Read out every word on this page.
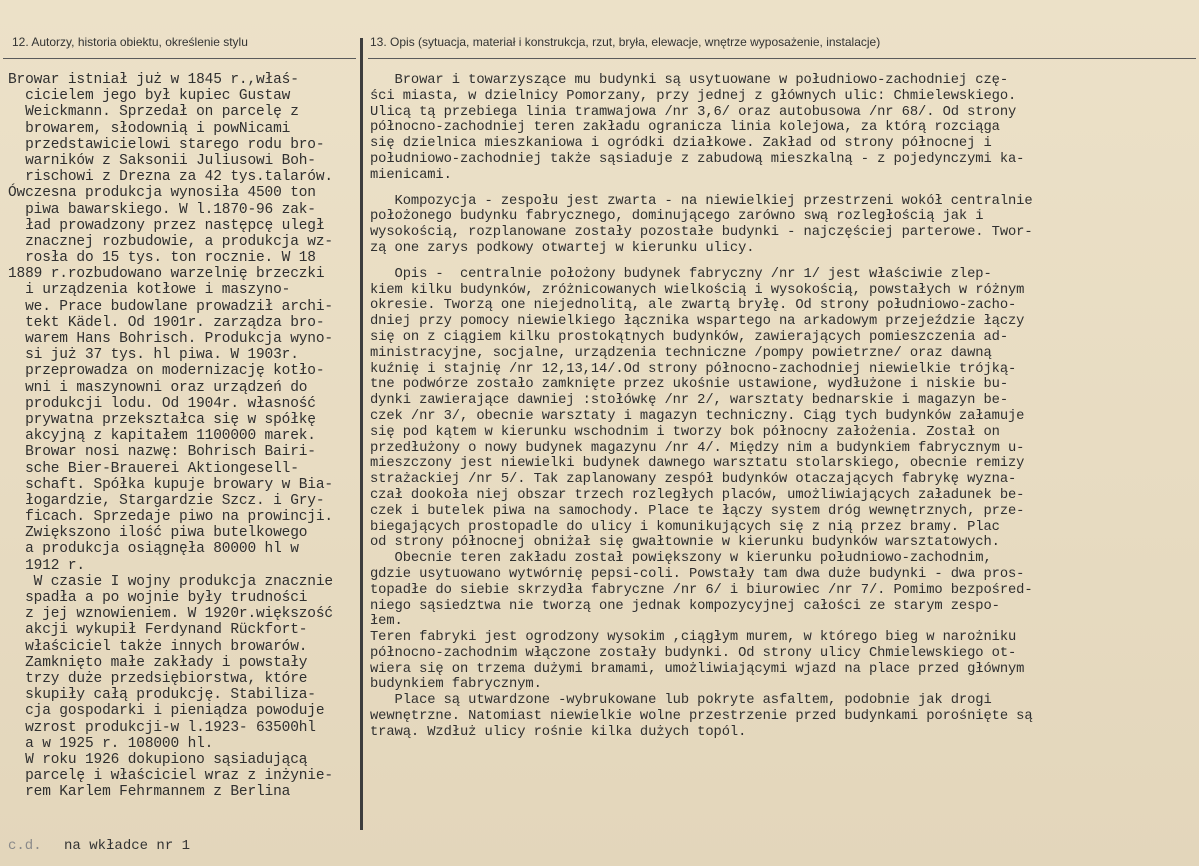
12. Autorzy, historia obiektu, określenie stylu	13. Opis (sytuacja, materiał i konstrukcja, rzut, bryła, elewacje, wnętrze wyposażenie, instalacje)
Browar istniał już w 1845 r.,właś-
cicielem jego był kupiec Gustaw
Weickmann. Sprzedał on parcelę z
browarem, słodownią i powNicami
przedstawicielowi starego rodu bro-
warników z Saksonii Juliusowi Boh-
rischowi z Drezna za 42 tys.talarów.
Ówczesna produkcja wynosiła 4500 ton
piwa bawarskiego. W l.1870-96 zak-
ład prowadzony przez następcę uległ
znacznej rozbudowie, a produkcja wz-
rosła do 15 tys. ton rocznie. W 18
1889 r.rozbudowano warzelnię brzeczki
i urządzenia kotłowe i maszyno-
we. Prace budowlane prowadził archi-
tekt Kädel. Od 1901r. zarządza bro-
warem Hans Bohrisch. Produkcja wyno-
si już 37 tys. hl piwa. W 1903r.
przeprowadza on modernizację kotło-
wni i maszynowni oraz urządzeń do
produkcji lodu. Od 1904r. własność
prywatna przekształca się w spółkę
akcyjną z kapitałem 1100000 marek.
Browar nosi nazwę: Bohrisch Bairi-
sche Bier-Brauerei Aktiongesell-
schaft. Spółka kupuje browary w Bia-
łogardzie, Stargardzie Szcz. i Gry-
ficach. Sprzedaje piwo na prowincji.
Zwiększono ilość piwa butelkowego
a produkcja osiągnęła 80000 hl w
1912 r.
W czasie I wojny produkcja znacznie
spadła a po wojnie były trudności
z jej wznowieniem. W 1920r.większość
akcji wykupił Ferdynand Rückfort-
właściciel także innych browarów.
Zamknięto małe zakłady i powstały
trzy duże przedsiębiorstwa, które
skupiły całą produkcję. Stabiliza-
cja gospodarki i pieniądza powoduje
wzrost produkcji-w l.1923- 63500hl
a w 1925 r. 108000 hl.
W roku 1926 dokupiono sąsiadującą
parcelę i właściciel wraz z inżynie-
rem Karlem Fehrmannem z Berlina
Browar i towarzyszące mu budynki są usytuowane w południowo-zachodniej czę-
ści miasta, w dzielnicy Pomorzany, przy jednej z głównych ulic: Chmielewskiego.
Ulicą tą przebiega linia tramwajowa /nr 3,6/ oraz autobusowa /nr 68/. Od strony
północno-zachodniej teren zakładu ogranicza linia kolejowa, za którą rozciąga
się dzielnica mieszkaniowa i ogródki działkowe. Zakład od strony północnej i
południowo-zachodniej także sąsiaduje z zabudową mieszkalną - z pojedynczymi ka-
mienicami.
Kompozycja - zespołu jest zwarta - na niewielkiej przestrzeni wokół centralnie
położonego budynku fabrycznego, dominującego zarówno swą rozległością jak i
wysokością, rozplanowane zostały pozostałe budynki - najczęściej parterowe. Twor-
zą one zarys podkowy otwartej w kierunku ulicy.
Opis -  centralnie położony budynek fabryczny /nr 1/ jest właściwie zlep-
kiem kilku budynków, zróżnicowanych wielkością i wysokością, powstałych w różnym
okresie. Tworzą one niejednolitą, ale zwartą bryłę. Od strony południowo-zacho-
dniej przy pomocy niewielkiego łącznika wspartego na arkadowym przejeździe łączy
się on z ciągiem kilku prostokątnych budynków, zawierających pomieszczenia ad-
ministracyjne, socjalne, urządzenia techniczne /pompy powietrzne/ oraz dawną
kuźnię i stajnię /nr 12,13,14/.Od strony północno-zachodniej niewielkie trójką-
tne podwórze zostało zamknięte przez ukośnie ustawione, wydłużone i niskie bu-
dynki zawierające dawniej :stołówkę /nr 2/, warsztaty bednarskie i magazyn be-
czek /nr 3/, obecnie warsztaty i magazyn techniczny. Ciąg tych budynków załamuje
się pod kątem w kierunku wschodnim i tworzy bok północny założenia. Został on
przedłużony o nowy budynek magazynu /nr 4/. Między nim a budynkiem fabrycznym u-
mieszczony jest niewielki budynek dawnego warsztatu stolarskiego, obecnie remizy
strażackiej /nr 5/. Tak zaplanowany zespół budynków otaczających fabrykę wyzna-
czał dookoła niej obszar trzech rozległych placów, umożliwiających załadunek be-
czek i butelek piwa na samochody. Place te łączy system dróg wewnętrznych, prze-
biegających prostopadle do ulicy i komunikujących się z nią przez bramy. Plac
od strony północnej obniżał się gwałtownie w kierunku budynków warsztatowych.
Obecnie teren zakładu został powiększony w kierunku południowo-zachodnim,
gdzie usytuowano wytwórnię pepsi-coli. Powstały tam dwa duże budynki - dwa pros-
topadłe do siebie skrzydła fabryczne /nr 6/ i biurowiec /nr 7/. Pomimo bezpośred-
niego sąsiedztwa nie tworzą one jednak kompozycyjnej całości ze starym zespo-
łem.
Teren fabryki jest ogrodzony wysokim ,ciągłym murem, w którego bieg w narożniku
północno-zachodnim włączone zostały budynki. Od strony ulicy Chmielewskiego ot-
wiera się on trzema dużymi bramami, umożliwiającymi wjazd na place przed głównym
budynkiem fabrycznym.
Place są utwardzone -wybrukowane lub pokryte asfaltem, podobnie jak drogi
wewnętrzne. Natomiast niewielkie wolne przestrzenie przed budynkami porośnięte są
trawą. Wzdłuż ulicy rośnie kilka dużych topól.
c.d. na wkładce nr 1
